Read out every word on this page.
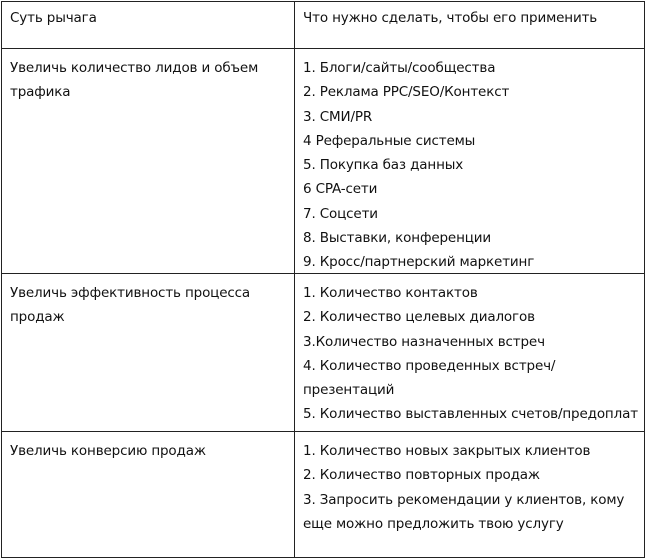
Суть рычага	Что нужно сделать, чтобы его применить
Увеличь количество лидов и объем трафика
1. Блоги/сайты/сообщества
2. Реклама PPC/SEO/Контекст
3. СМИ/PR
4 Реферальные системы
5. Покупка баз данных
6 CPA-сети
7. Соцсети
8. Выставки, конференции
9. Кросс/партнерский маркетинг
Увеличь эффективность процесса продаж
1. Количество контактов
2. Количество целевых диалогов
3.Количество назначенных встреч
4. Количество проведенных встреч/
презентаций
5. Количество выставленных счетов/предоплат
Увеличь конверсию продаж	1. Количество новых закрытых клиентов
2. Количество повторных продаж
3. Запросить рекомендации у клиентов, кому
еще можно предложить твою услугу
